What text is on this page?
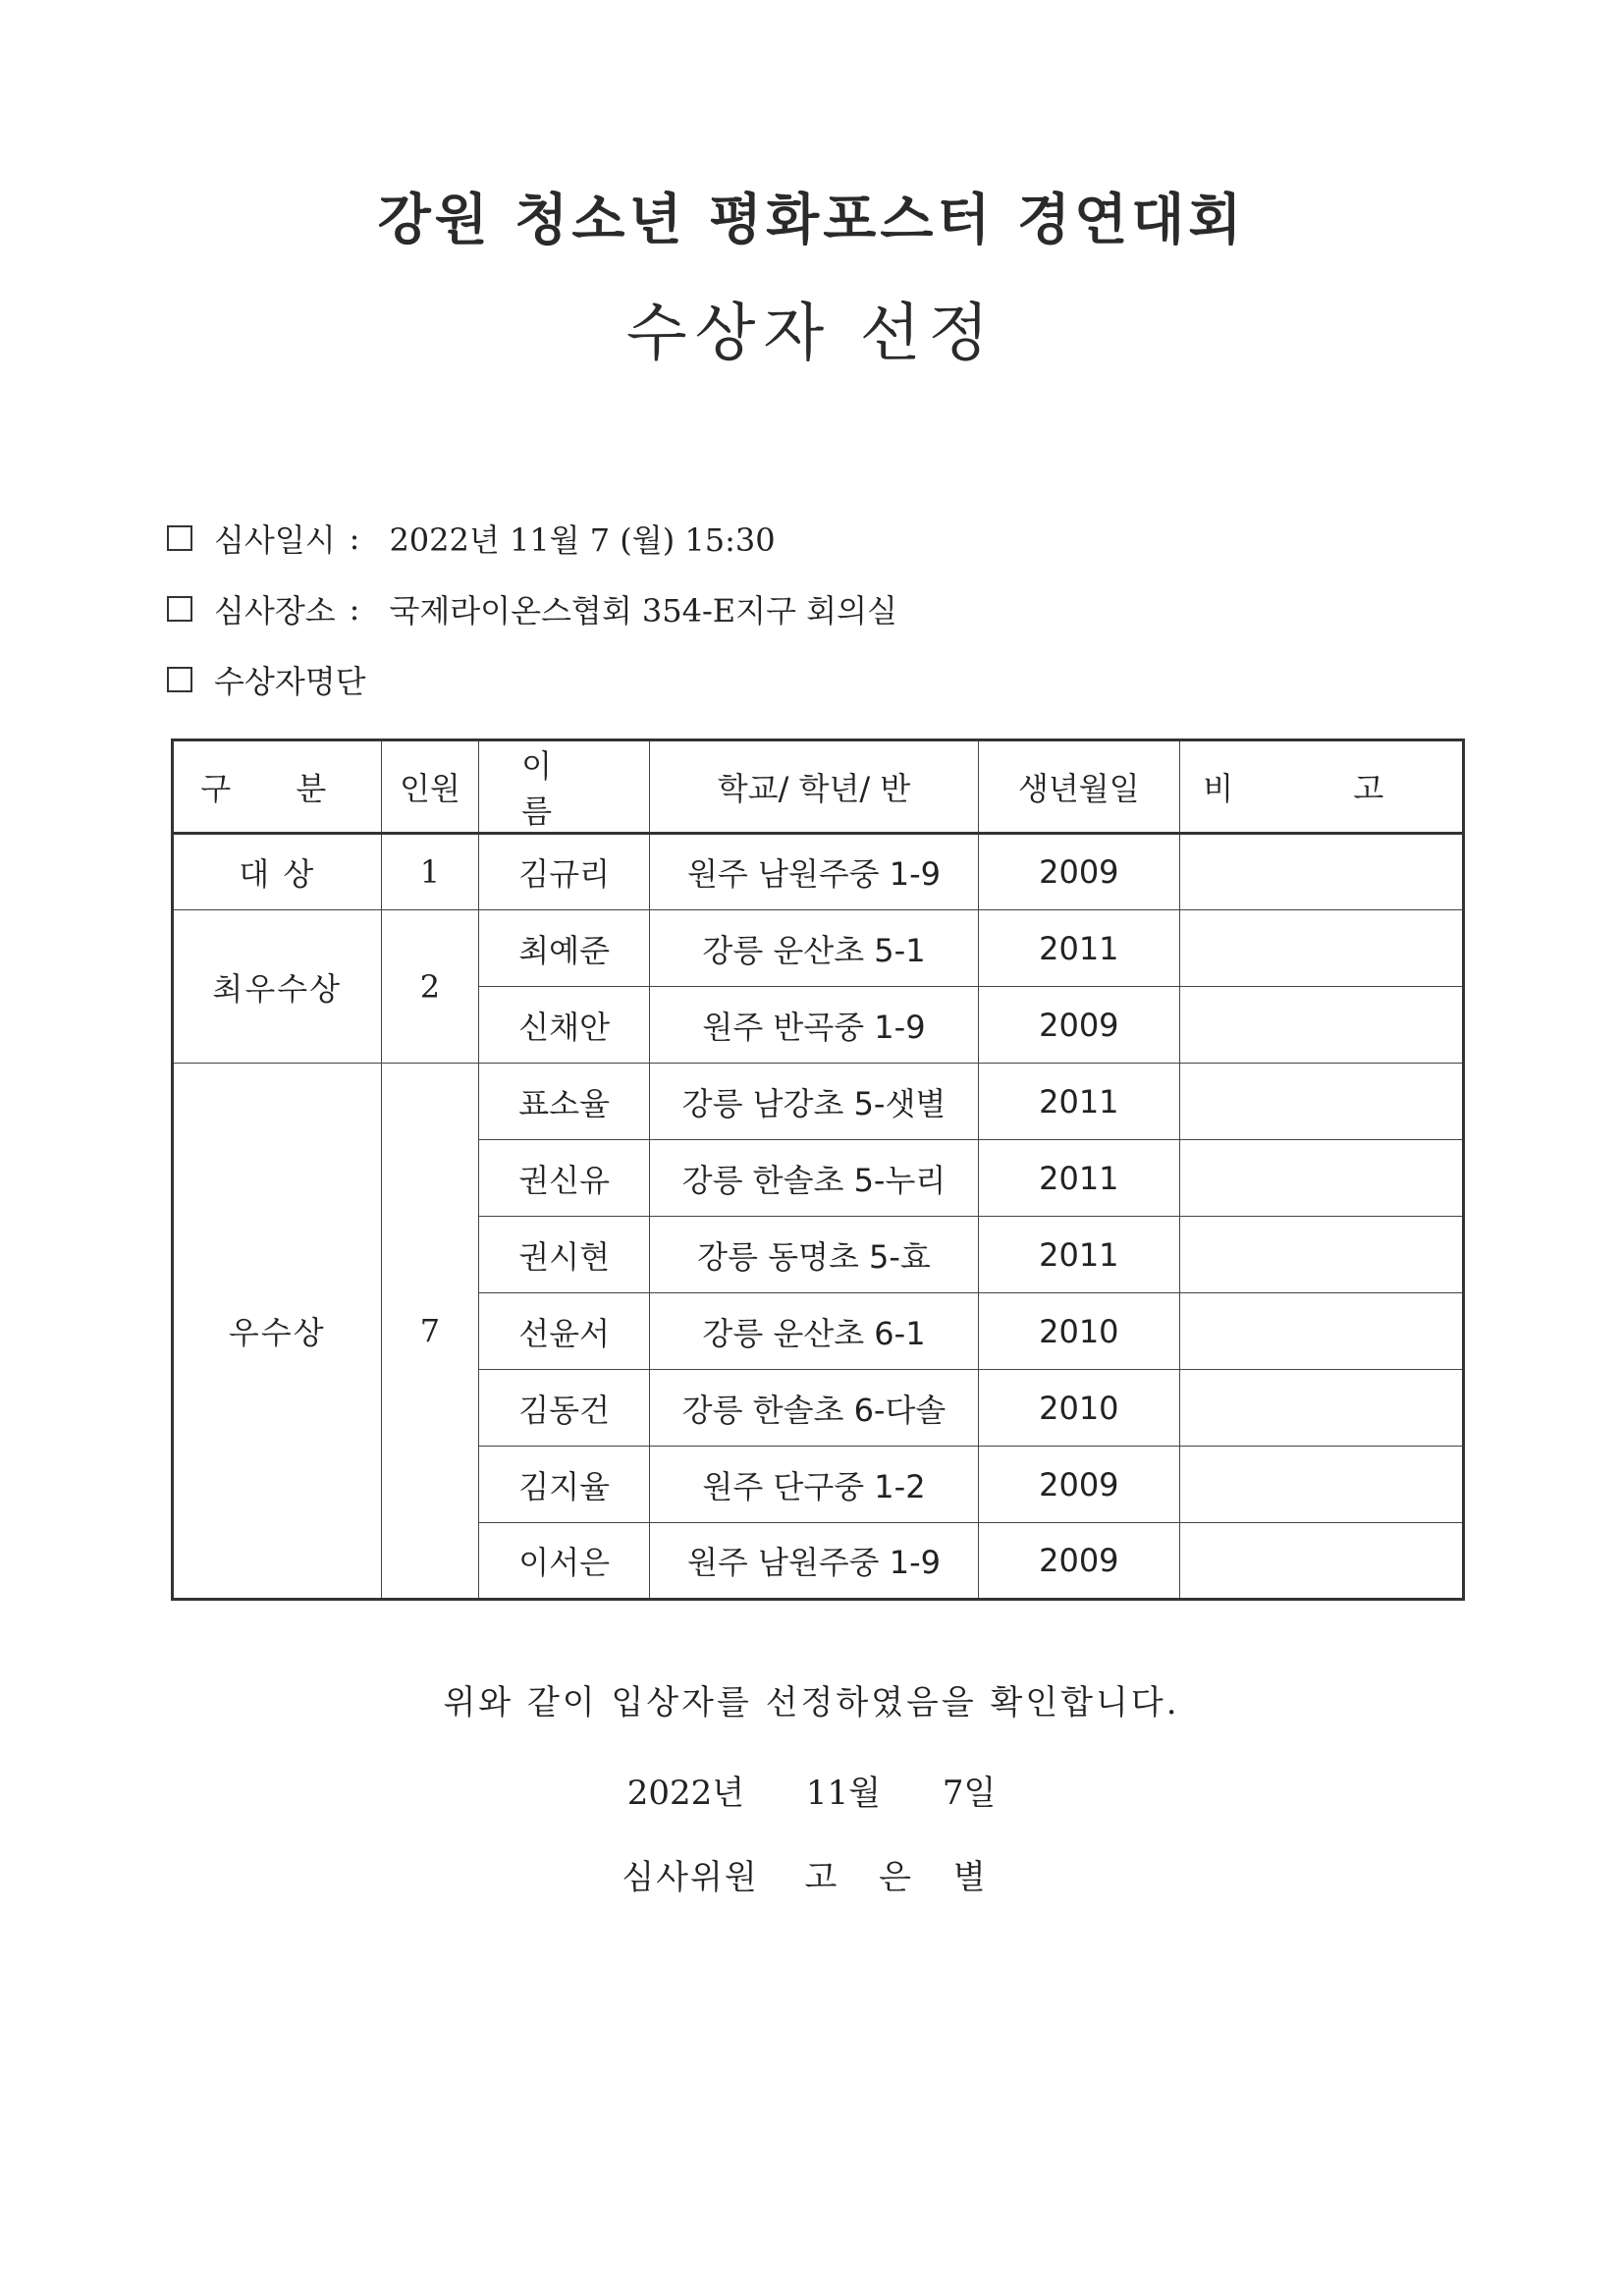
강원 청소년 평화포스터 경연대회
수상자 선정
심사일시 : 2022년 11월 7 (월) 15:30
심사장소 : 국제라이온스협회 354-E지구 회의실
수상자명단
구 분	인원	이 름	학교/ 학년/ 반	생년월일	비 고
대 상	1	김규리	원주 남원주중 1-9	2009	
최우수상	2	최예준	강릉 운산초 5-1	2011	
		신채안	원주 반곡중 1-9	2009	
우수상	7	표소율	강릉 남강초 5-샛별	2011	
		권신유	강릉 한솔초 5-누리	2011	
		권시현	강릉 동명초 5-효	2011	
		선윤서	강릉 운산초 6-1	2010	
		김동건	강릉 한솔초 6-다솔	2010	
		김지율	원주 단구중 1-2	2009	
		이서은	원주 남원주중 1-9	2009	
위와 같이 입상자를 선정하였음을 확인합니다.
2022년 11월 7일
심사위원 고 은 별
